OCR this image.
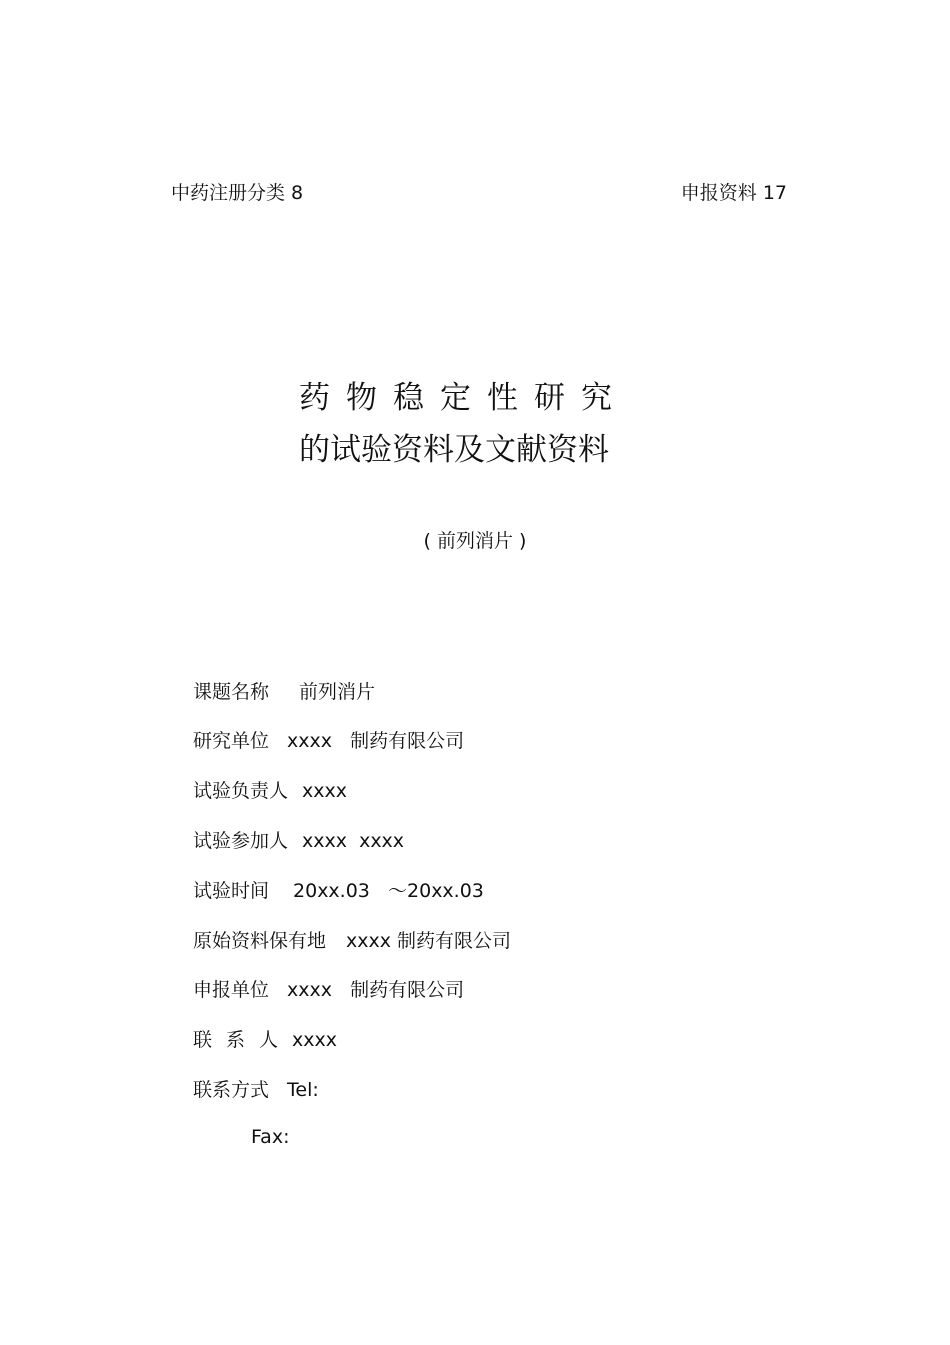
中药注册分类 8	申报资料 17
药物稳定性研究
的试验资料及文献资料
( 前列消片 )
课题名称 前列消片
研究单位 xxxx   制药有限公司
试验负责人 xxxx
试验参加人 xxxx  xxxx
试验时间 20xx.03   ～20xx.03
原始资料保有地 xxxx 制药有限公司
申报单位 xxxx   制药有限公司
联系人xxxx
联系方式 Tel:
Fax:
